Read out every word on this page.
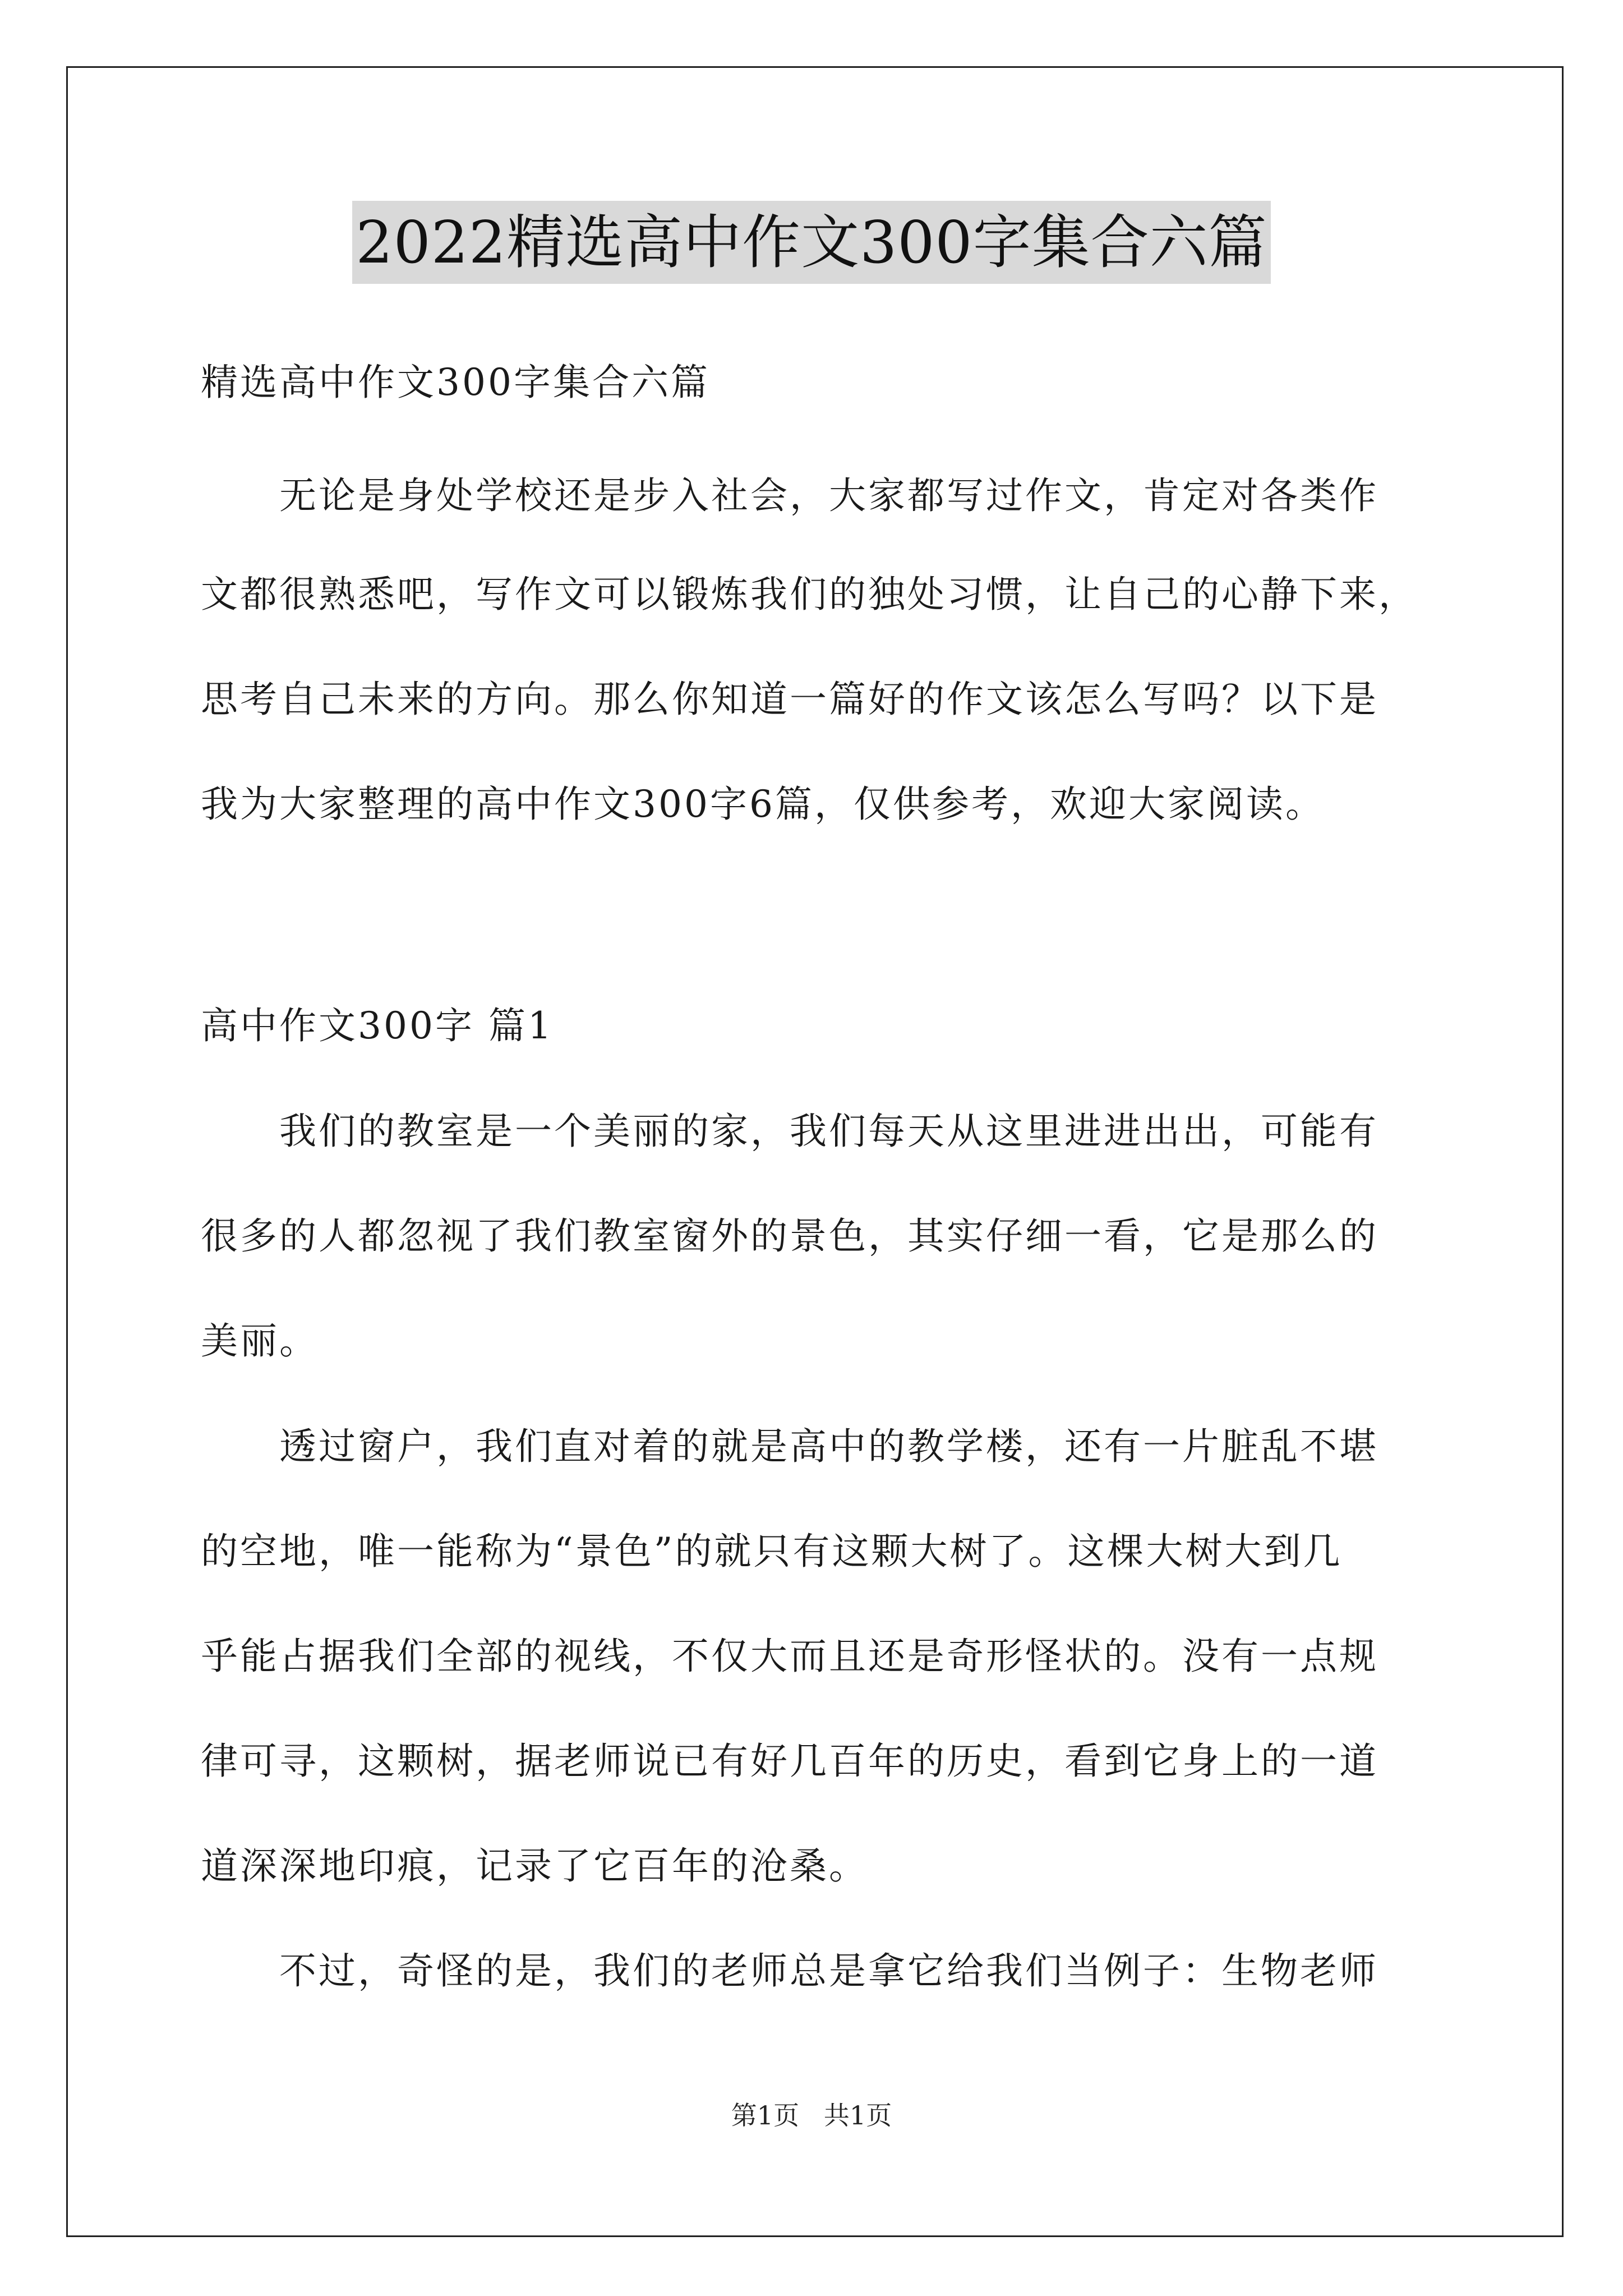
2022精选高中作文300字集合六篇
精选高中作文300字集合六篇
无论是身处学校还是步入社会，大家都写过作文，肯定对各类作
文都很熟悉吧，写作文可以锻炼我们的独处习惯，让自己的心静下来，
思考自己未来的方向。那么你知道一篇好的作文该怎么写吗？以下是
我为大家整理的高中作文300字6篇，仅供参考，欢迎大家阅读。
高中作文300字 篇1
我们的教室是一个美丽的家，我们每天从这里进进出出，可能有
很多的人都忽视了我们教室窗外的景色，其实仔细一看，它是那么的
美丽。
透过窗户，我们直对着的就是高中的教学楼，还有一片脏乱不堪
的空地，唯一能称为“景色”的就只有这颗大树了。这棵大树大到几
乎能占据我们全部的视线，不仅大而且还是奇形怪状的。没有一点规
律可寻，这颗树，据老师说已有好几百年的历史，看到它身上的一道
道深深地印痕，记录了它百年的沧桑。
不过，奇怪的是，我们的老师总是拿它给我们当例子：生物老师
第1页   共1页
